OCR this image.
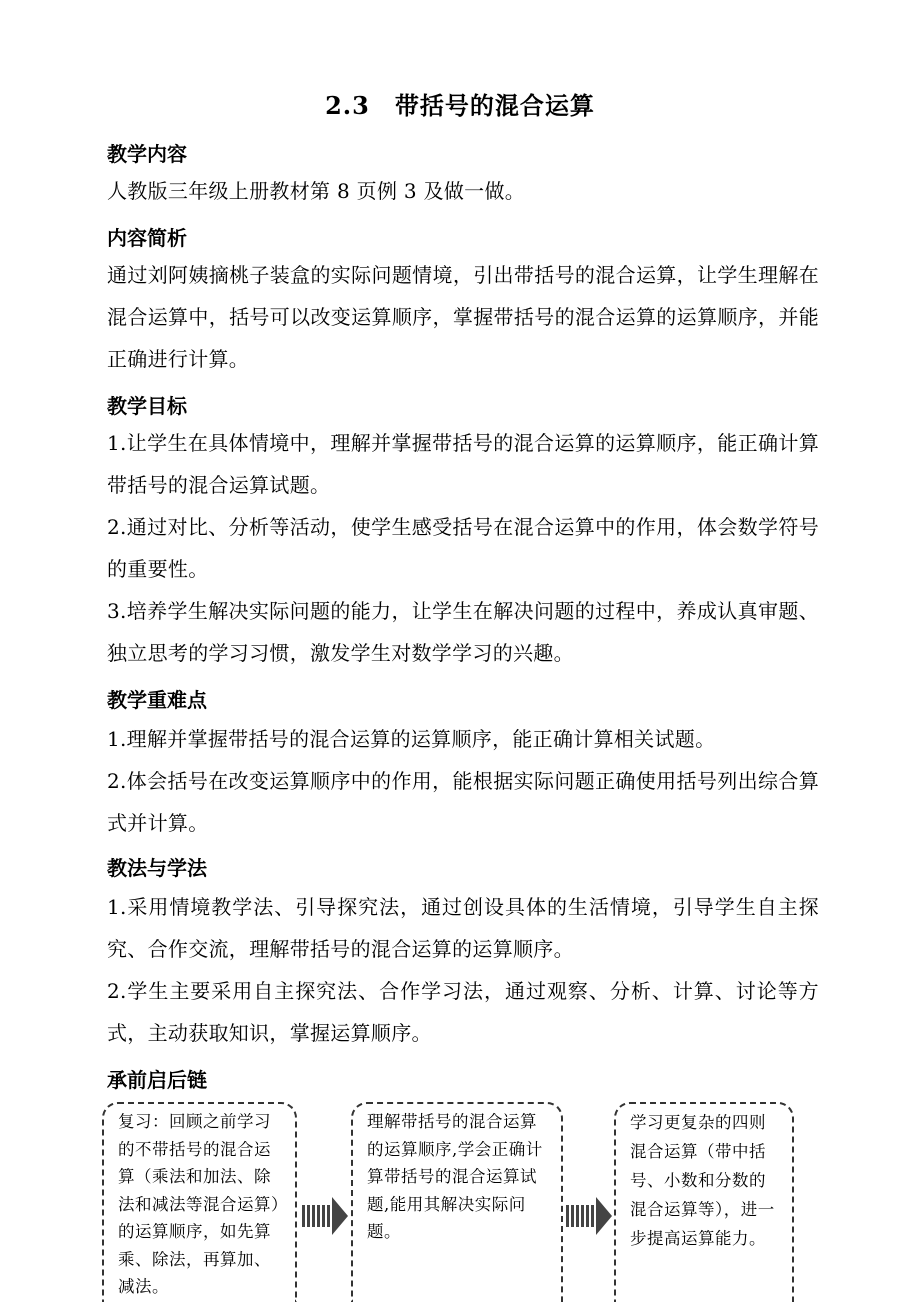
2.3　带括号的混合运算
教学内容
人教版三年级上册教材第 8 页例 3 及做一做。
内容简析
通过刘阿姨摘桃子装盒的实际问题情境，引出带括号的混合运算，让学生理解在混合运算中，括号可以改变运算顺序，掌握带括号的混合运算的运算顺序，并能正确进行计算。
教学目标
1.让学生在具体情境中，理解并掌握带括号的混合运算的运算顺序，能正确计算带括号的混合运算试题。
2.通过对比、分析等活动，使学生感受括号在混合运算中的作用，体会数学符号的重要性。
3.培养学生解决实际问题的能力，让学生在解决问题的过程中，养成认真审题、独立思考的学习习惯，激发学生对数学学习的兴趣。
教学重难点
1.理解并掌握带括号的混合运算的运算顺序，能正确计算相关试题。
2.体会括号在改变运算顺序中的作用，能根据实际问题正确使用括号列出综合算式并计算。
教法与学法
1.采用情境教学法、引导探究法，通过创设具体的生活情境，引导学生自主探究、合作交流，理解带括号的混合运算的运算顺序。
2.学生主要采用自主探究法、合作学习法，通过观察、分析、计算、讨论等方式，主动获取知识，掌握运算顺序。
承前启后链
复习：回顾之前学习的不带括号的混合运算（乘法和加法、除法和减法等混合运算）的运算顺序，如先算乘、除法，再算加、减法。
理解带括号的混合运算的运算顺序,学会正确计算带括号的混合运算试题,能用其解决实际问题。
学习更复杂的四则混合运算（带中括号、小数和分数的混合运算等），进一步提高运算能力。
